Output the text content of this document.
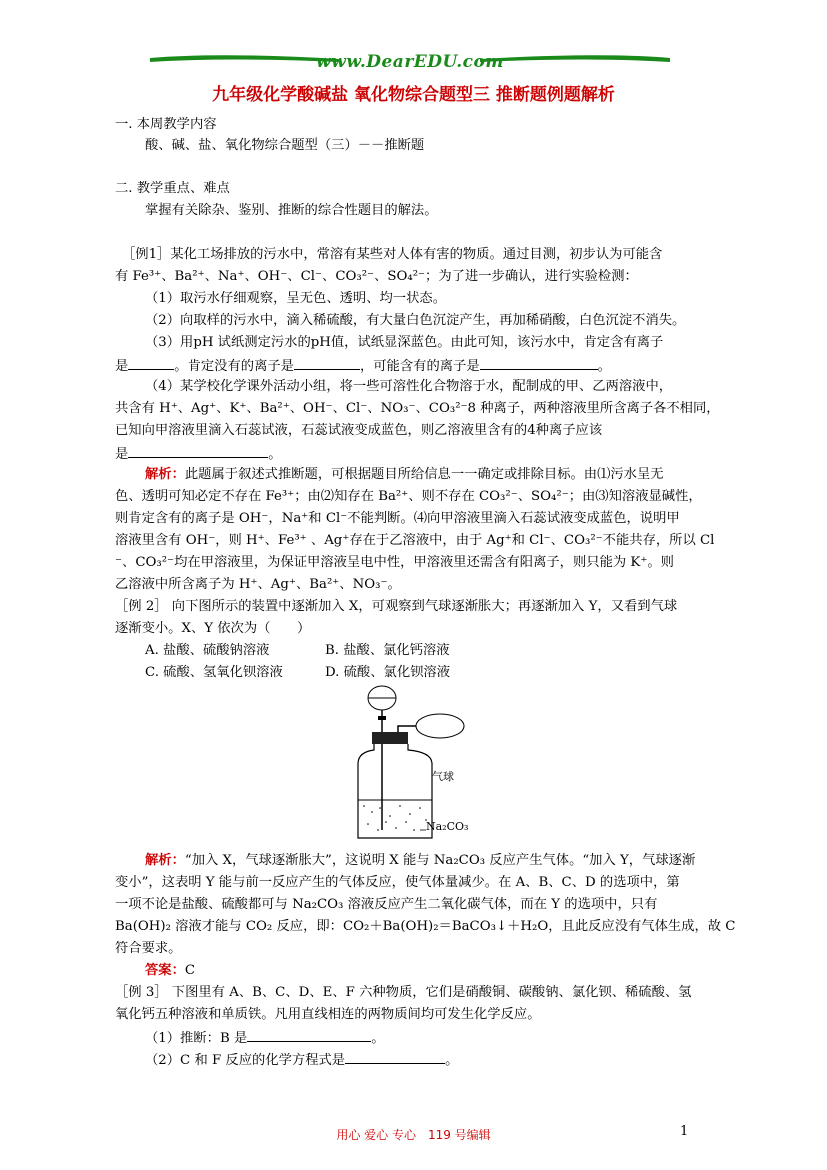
www.DearEDU.com
九年级化学酸碱盐 氧化物综合题型三 推断题例题解析
一. 本周教学内容
酸、碱、盐、氧化物综合题型（三）－－推断题
二. 教学重点、难点
掌握有关除杂、鉴别、推断的综合性题目的解法。
［例1］某化工场排放的污水中，常溶有某些对人体有害的物质。通过目测，初步认为可能含
有 Fe³⁺、Ba²⁺、Na⁺、OH⁻、Cl⁻、CO₃²⁻、SO₄²⁻；为了进一步确认，进行实验检测：
（1）取污水仔细观察，呈无色、透明、均一状态。
（2）向取样的污水中，滴入稀硫酸，有大量白色沉淀产生，再加稀硝酸，白色沉淀不消失。
（3）用pH 试纸测定污水的pH值，试纸显深蓝色。由此可知，该污水中，肯定含有离子
是	。肯定没有的离子是	，可能含有的离子是	。
（4）某学校化学课外活动小组，将一些可溶性化合物溶于水，配制成的甲、乙两溶液中，
共含有 H⁺、Ag⁺、K⁺、Ba²⁺、OH⁻、Cl⁻、NO₃⁻、CO₃²⁻8 种离子，两种溶液里所含离子各不相同，
已知向甲溶液里滴入石蕊试液，石蕊试液变成蓝色，则乙溶液里含有的4种离子应该
是	。
解析：此题属于叙述式推断题，可根据题目所给信息一一确定或排除目标。由⑴污水呈无
色、透明可知必定不存在 Fe³⁺；由⑵知存在 Ba²⁺、则不存在 CO₃²⁻、SO₄²⁻；由⑶知溶液显碱性，
则肯定含有的离子是 OH⁻，Na⁺和 Cl⁻不能判断。⑷向甲溶液里滴入石蕊试液变成蓝色，说明甲
溶液里含有 OH⁻，则 H⁺、Fe³⁺ 、Ag⁺存在于乙溶液中，由于 Ag⁺和 Cl⁻、CO₃²⁻不能共存，所以 Cl
⁻、CO₃²⁻均在甲溶液里，为保证甲溶液呈电中性，甲溶液里还需含有阳离子，则只能为 K⁺。则
乙溶液中所含离子为 H⁺、Ag⁺、Ba²⁺、NO₃⁻。
［例 2］ 向下图所示的装置中逐渐加入 X，可观察到气球逐渐胀大；再逐渐加入 Y，又看到气球
逐渐变小。X、Y 依次为（　　）
A. 盐酸、硫酸钠溶液	B. 盐酸、氯化钙溶液
C. 硫酸、氢氧化钡溶液	D. 硫酸、氯化钡溶液
气球
Na₂CO₃
解析：“加入 X，气球逐渐胀大”，这说明 X 能与 Na₂CO₃ 反应产生气体。“加入 Y，气球逐渐
变小”，这表明 Y 能与前一反应产生的气体反应，使气体量减少。在 A、B、C、D 的选项中，第
一项不论是盐酸、硫酸都可与 Na₂CO₃ 溶液反应产生二氧化碳气体，而在 Y 的选项中，只有
Ba(OH)₂ 溶液才能与 CO₂ 反应，即：CO₂＋Ba(OH)₂＝BaCO₃↓＋H₂O，且此反应没有气体生成，故 C
符合要求。
答案：C
［例 3］ 下图里有 A、B、C、D、E、F 六种物质，它们是硝酸铜、碳酸钠、氯化钡、稀硫酸、氢
氧化钙五种溶液和单质铁。凡用直线相连的两物质间均可发生化学反应。
（1）推断：B 是	。
（2）C 和 F 反应的化学方程式是	。
用心 爱心 专心　119 号编辑	1
